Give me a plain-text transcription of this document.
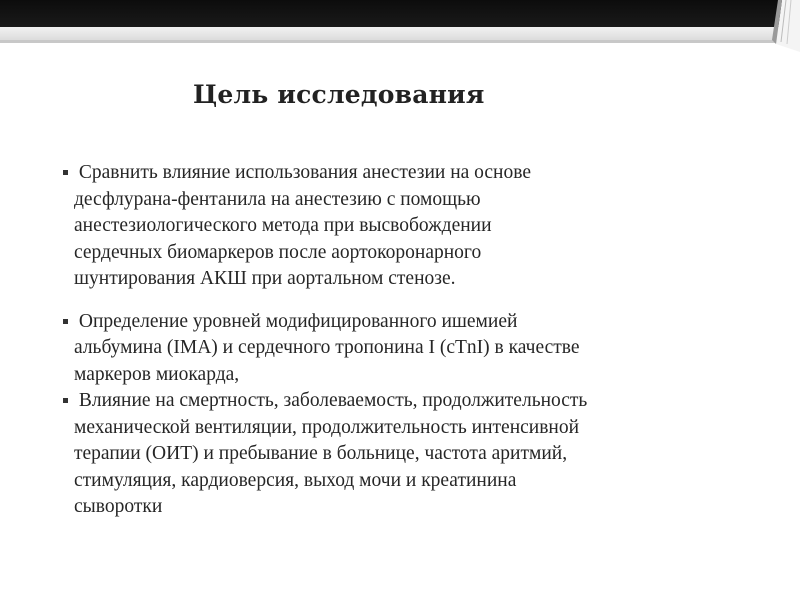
Цель исследования
Сравнить влияние использования анестезии на основе
десфлурана-фентанила на анестезию с помощью
анестезиологического метода при высвобождении
сердечных биомаркеров после аортокоронарного
шунтирования АКШ при аортальном стенозе.
Определение уровней модифицированного ишемией
альбумина (IMA) и сердечного тропонина I (cTnI) в качестве
маркеров миокарда,
Влияние на смертность, заболеваемость, продолжительность
механической вентиляции, продолжительность интенсивной
терапии (ОИТ) и пребывание в больнице, частота аритмий,
стимуляция, кардиоверсия, выход мочи и креатинина
сыворотки
